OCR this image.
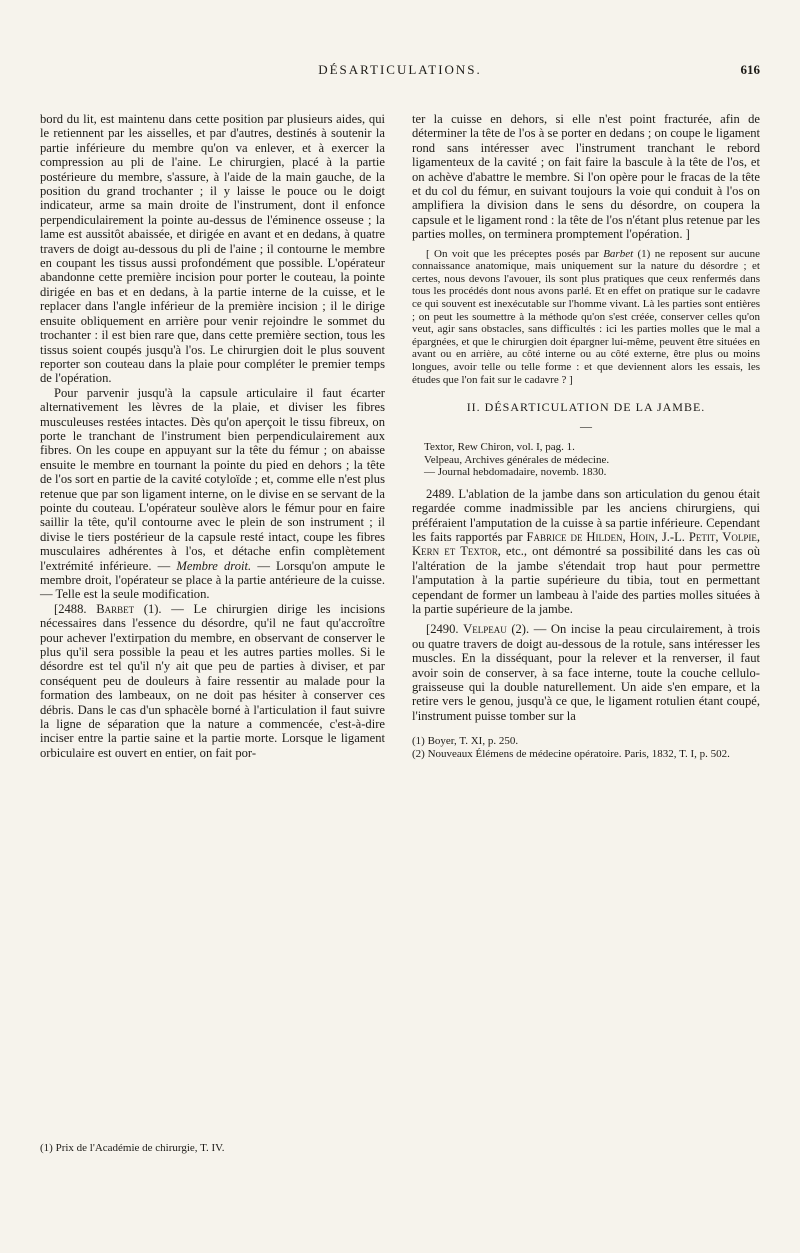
DÉSARTICULATIONS.	616

bord du lit, est maintenu dans cette position par plusieurs aides, qui le retiennent par les aisselles, et par d'autres, destinés à soutenir la partie inférieure du membre qu'on va enlever, et à exercer la compression au pli de l'aine. Le chirurgien, placé à la partie postérieure du membre, s'assure, à l'aide de la main gauche, de la position du grand trochanter ; il y laisse le pouce ou le doigt indicateur, arme sa main droite de l'instrument, dont il enfonce perpendiculairement la pointe au-dessus de l'éminence osseuse ; la lame est aussitôt abaissée, et dirigée en avant et en dedans, à quatre travers de doigt au-dessous du pli de l'aine ; il contourne le membre en coupant les tissus aussi profondément que possible. L'opérateur abandonne cette première incision pour porter le couteau, la pointe dirigée en bas et en dedans, à la partie interne de la cuisse, et le replacer dans l'angle inférieur de la première incision ; il le dirige ensuite obliquement en arrière pour venir rejoindre le sommet du trochanter : il est bien rare que, dans cette première section, tous les tissus soient coupés jusqu'à l'os. Le chirurgien doit le plus souvent reporter son couteau dans la plaie pour compléter le premier temps de l'opération.

Pour parvenir jusqu'à la capsule articulaire il faut écarter alternativement les lèvres de la plaie, et diviser les fibres musculeuses restées intactes. Dès qu'on aperçoit le tissu fibreux, on porte le tranchant de l'instrument bien perpendiculairement aux fibres. On les coupe en appuyant sur la tête du fémur ; on abaisse ensuite le membre en tournant la pointe du pied en dehors ; la tête de l'os sort en partie de la cavité cotyloïde ; et, comme elle n'est plus retenue que par son ligament interne, on le divise en se servant de la pointe du couteau. L'opérateur soulève alors le fémur pour en faire saillir la tête, qu'il contourne avec le plein de son instrument ; il divise le tiers postérieur de la capsule resté intact, coupe les fibres musculaires adhérentes à l'os, et détache enfin complètement l'extrémité inférieure. — Membre droit. — Lorsqu'on ampute le membre droit, l'opérateur se place à la partie antérieure de la cuisse. — Telle est la seule modification.

[2488. Barbet (1). — Le chirurgien dirige les incisions nécessaires dans l'essence du désordre, qu'il ne faut qu'accroître pour achever l'extirpation du membre, en observant de conserver le plus qu'il sera possible la peau et les autres parties molles. Si le désordre est tel qu'il n'y ait que peu de parties à diviser, et par conséquent peu de douleurs à faire ressentir au malade pour la formation des lambeaux, on ne doit pas hésiter à conserver ces débris. Dans le cas d'un sphacèle borné à l'articulation il faut suivre la ligne de séparation que la nature a commencée, c'est-à-dire inciser entre la partie saine et la partie morte. Lorsque le ligament orbiculaire est ouvert en entier, on fait por-

(1) Prix de l'Académie de chirurgie, T. IV.

ter la cuisse en dehors, si elle n'est point fracturée, afin de déterminer la tête de l'os à se porter en dedans ; on coupe le ligament rond sans intéresser avec l'instrument tranchant le rebord ligamenteux de la cavité ; on fait faire la bascule à la tête de l'os, et on achève d'abattre le membre. Si l'on opère pour le fracas de la tête et du col du fémur, en suivant toujours la voie qui conduit à l'os on amplifiera la division dans le sens du désordre, on coupera la capsule et le ligament rond : la tête de l'os n'étant plus retenue par les parties molles, on terminera promptement l'opération. ]

[ On voit que les préceptes posés par Barbet (1) ne reposent sur aucune connaissance anatomique, mais uniquement sur la nature du désordre ; et certes, nous devons l'avouer, ils sont plus pratiques que ceux renfermés dans tous les procédés dont nous avons parlé. Et en effet on pratique sur le cadavre ce qui souvent est inexécutable sur l'homme vivant. Là les parties sont entières ; on peut les soumettre à la méthode qu'on s'est créée, conserver celles qu'on veut, agir sans obstacles, sans difficultés : ici les parties molles que le mal a épargnées, et que le chirurgien doit épargner lui-même, peuvent être situées en avant ou en arrière, au côté interne ou au côté externe, être plus ou moins longues, avoir telle ou telle forme : et que deviennent alors les essais, les études que l'on fait sur le cadavre ? ]

II. DÉSARTICULATION DE LA JAMBE.
—
Textor, Rew Chiron, vol. I, pag. 1.
Velpeau, Archives générales de médecine.
— Journal hebdomadaire, novemb. 1830.

2489. L'ablation de la jambe dans son articulation du genou était regardée comme inadmissible par les anciens chirurgiens, qui préféraient l'amputation de la cuisse à sa partie inférieure. Cependant les faits rapportés par Fabrice de Hilden, Hoin, J.-L. Petit, Volpie, Kern et Textor, etc., ont démontré sa possibilité dans les cas où l'altération de la jambe s'étendait trop haut pour permettre l'amputation à la partie supérieure du tibia, tout en permettant cependant de former un lambeau à l'aide des parties molles situées à la partie supérieure de la jambe.

[2490. Velpeau (2). — On incise la peau circulairement, à trois ou quatre travers de doigt au-dessous de la rotule, sans intéresser les muscles. En la disséquant, pour la relever et la renverser, il faut avoir soin de conserver, à sa face interne, toute la couche cellulo-graisseuse qui la double naturellement. Un aide s'en empare, et la retire vers le genou, jusqu'à ce que, le ligament rotulien étant coupé, l'instrument puisse tomber sur la

(1) Boyer, T. XI, p. 250.
(2) Nouveaux Élémens de médecine opératoire. Paris, 1832, T. I, p. 502.
